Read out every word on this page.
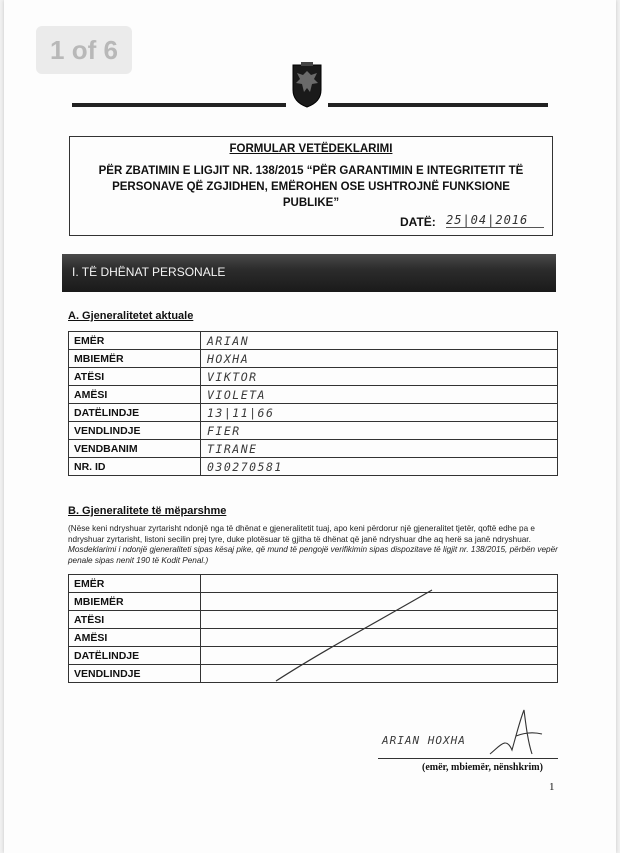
FORMULAR VETËDEKLARIMI
PËR ZBATIMIN E LIGJIT NR. 138/2015 “PËR GARANTIMIN E INTEGRITETIT TË PERSONAVE QË ZGJIDHEN, EMËROHEN OSE USHTROJNË FUNKSIONE PUBLIKE”
DATË: 25|04|2016
I. TË DHËNAT PERSONALE
A. Gjeneralitetet aktuale
EMËR	ARIAN
MBIEMËR	HOXHA
ATËSI	VIKTOR
AMËSI	VIOLETA
DATËLINDJE	13|11|66
VENDLINDJE	FIER
VENDBANIM	TIRANE
NR. ID	030270581
B. Gjeneralitete të mëparshme
(Nëse keni ndryshuar zyrtarisht ndonjë nga të dhënat e gjeneralitetit tuaj, apo keni përdorur një gjeneralitet tjetër, qoftë edhe pa e ndryshuar zyrtarisht, listoni secilin prej tyre, duke plotësuar të gjitha të dhënat që janë ndryshuar dhe aq herë sa janë ndryshuar. Mosdeklarimi i ndonjë gjeneraliteti sipas kësaj pike, që mund të pengojë verifikimin sipas dispozitave të ligjit nr. 138/2015, përbën vepër penale sipas nenit 190 të Kodit Penal.)
EMËR	
MBIEMËR	
ATËSI	
AMËSI	
DATËLINDJE	
VENDLINDJE	
ARIAN HOXHA
(emër, mbiemër, nënshkrim)
1
1 of 6
